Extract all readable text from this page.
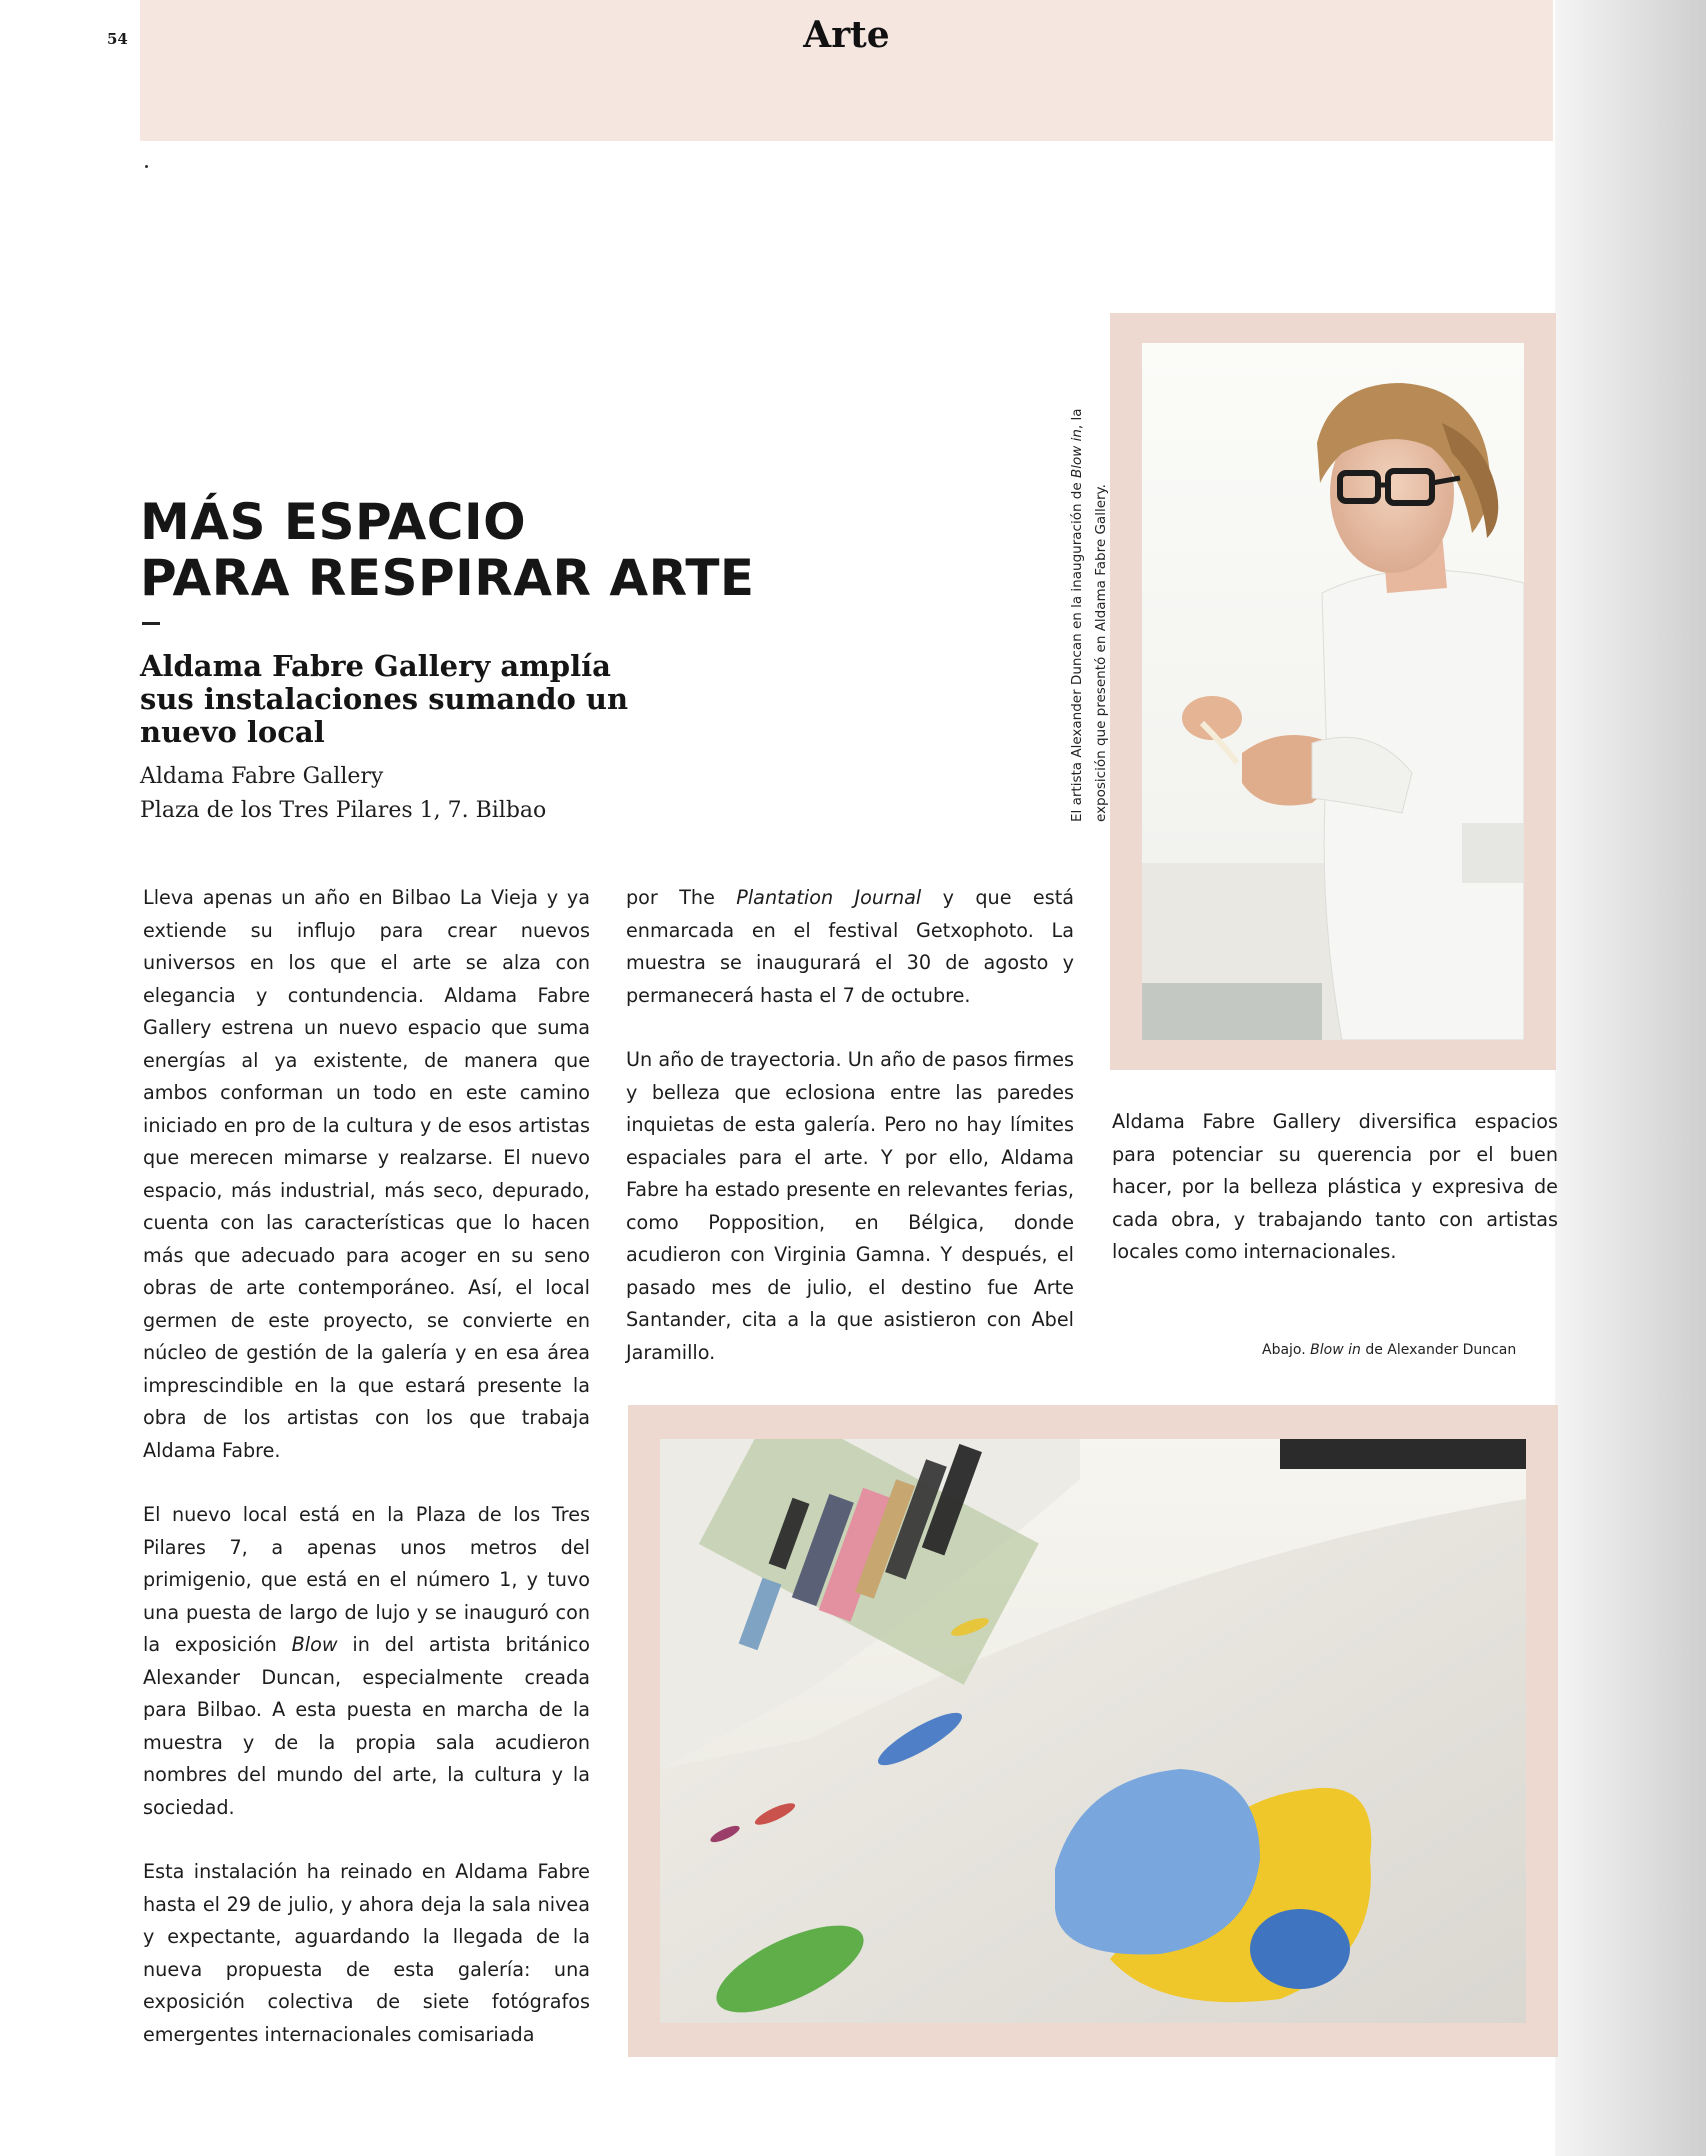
Arte
54
MÁS ESPACIO
PARA RESPIRAR ARTE
Aldama Fabre Gallery amplía sus instalaciones sumando un nuevo local
Aldama Fabre Gallery
Plaza de los Tres Pilares 1, 7. Bilbao

Lleva apenas un año en Bilbao La Vieja y ya extiende su influjo para crear nuevos universos en los que el arte se alza con elegancia y contundencia. Aldama Fabre Gallery estrena un nuevo espacio que suma energías al ya existente, de manera que ambos conforman un todo en este camino iniciado en pro de la cultura y de esos artistas que merecen mimarse y realzarse. El nuevo espacio, más industrial, más seco, depurado, cuenta con las características que lo hacen más que adecuado para acoger en su seno obras de arte contemporáneo. Así, el local germen de este proyecto, se convierte en núcleo de gestión de la galería y en esa área imprescindible en la que estará presente la obra de los artistas con los que trabaja Aldama Fabre.

El nuevo local está en la Plaza de los Tres Pilares 7, a apenas unos metros del primigenio, que está en el número 1, y tuvo una puesta de largo de lujo y se inauguró con la exposición Blow in del artista británico Alexander Duncan, especialmente creada para Bilbao. A esta puesta en marcha de la muestra y de la propia sala acudieron nombres del mundo del arte, la cultura y la sociedad.

Esta instalación ha reinado en Aldama Fabre hasta el 29 de julio, y ahora deja la sala nivea y expectante, aguardando la llegada de la nueva propuesta de esta galería: una exposición colectiva de siete fotógrafos emergentes internacionales comisariada

por The Plantation Journal y que está enmarcada en el festival Getxophoto. La muestra se inaugurará el 30 de agosto y permanecerá hasta el 7 de octubre.

Un año de trayectoria. Un año de pasos firmes y belleza que eclosiona entre las paredes inquietas de esta galería. Pero no hay límites espaciales para el arte. Y por ello, Aldama Fabre ha estado presente en relevantes ferias, como Popposition, en Bélgica, donde acudieron con Virginia Gamna. Y después, el pasado mes de julio, el destino fue Arte Santander, cita a la que asistieron con Abel Jaramillo.

Aldama Fabre Gallery diversifica espacios para potenciar su querencia por el buen hacer, por la belleza plástica y expresiva de cada obra, y trabajando tanto con artistas locales como internacionales.

El artista Alexander Duncan en la inauguración de Blow in, la
exposición que presentó en Aldama Fabre Gallery.
Abajo. Blow in de Alexander Duncan
